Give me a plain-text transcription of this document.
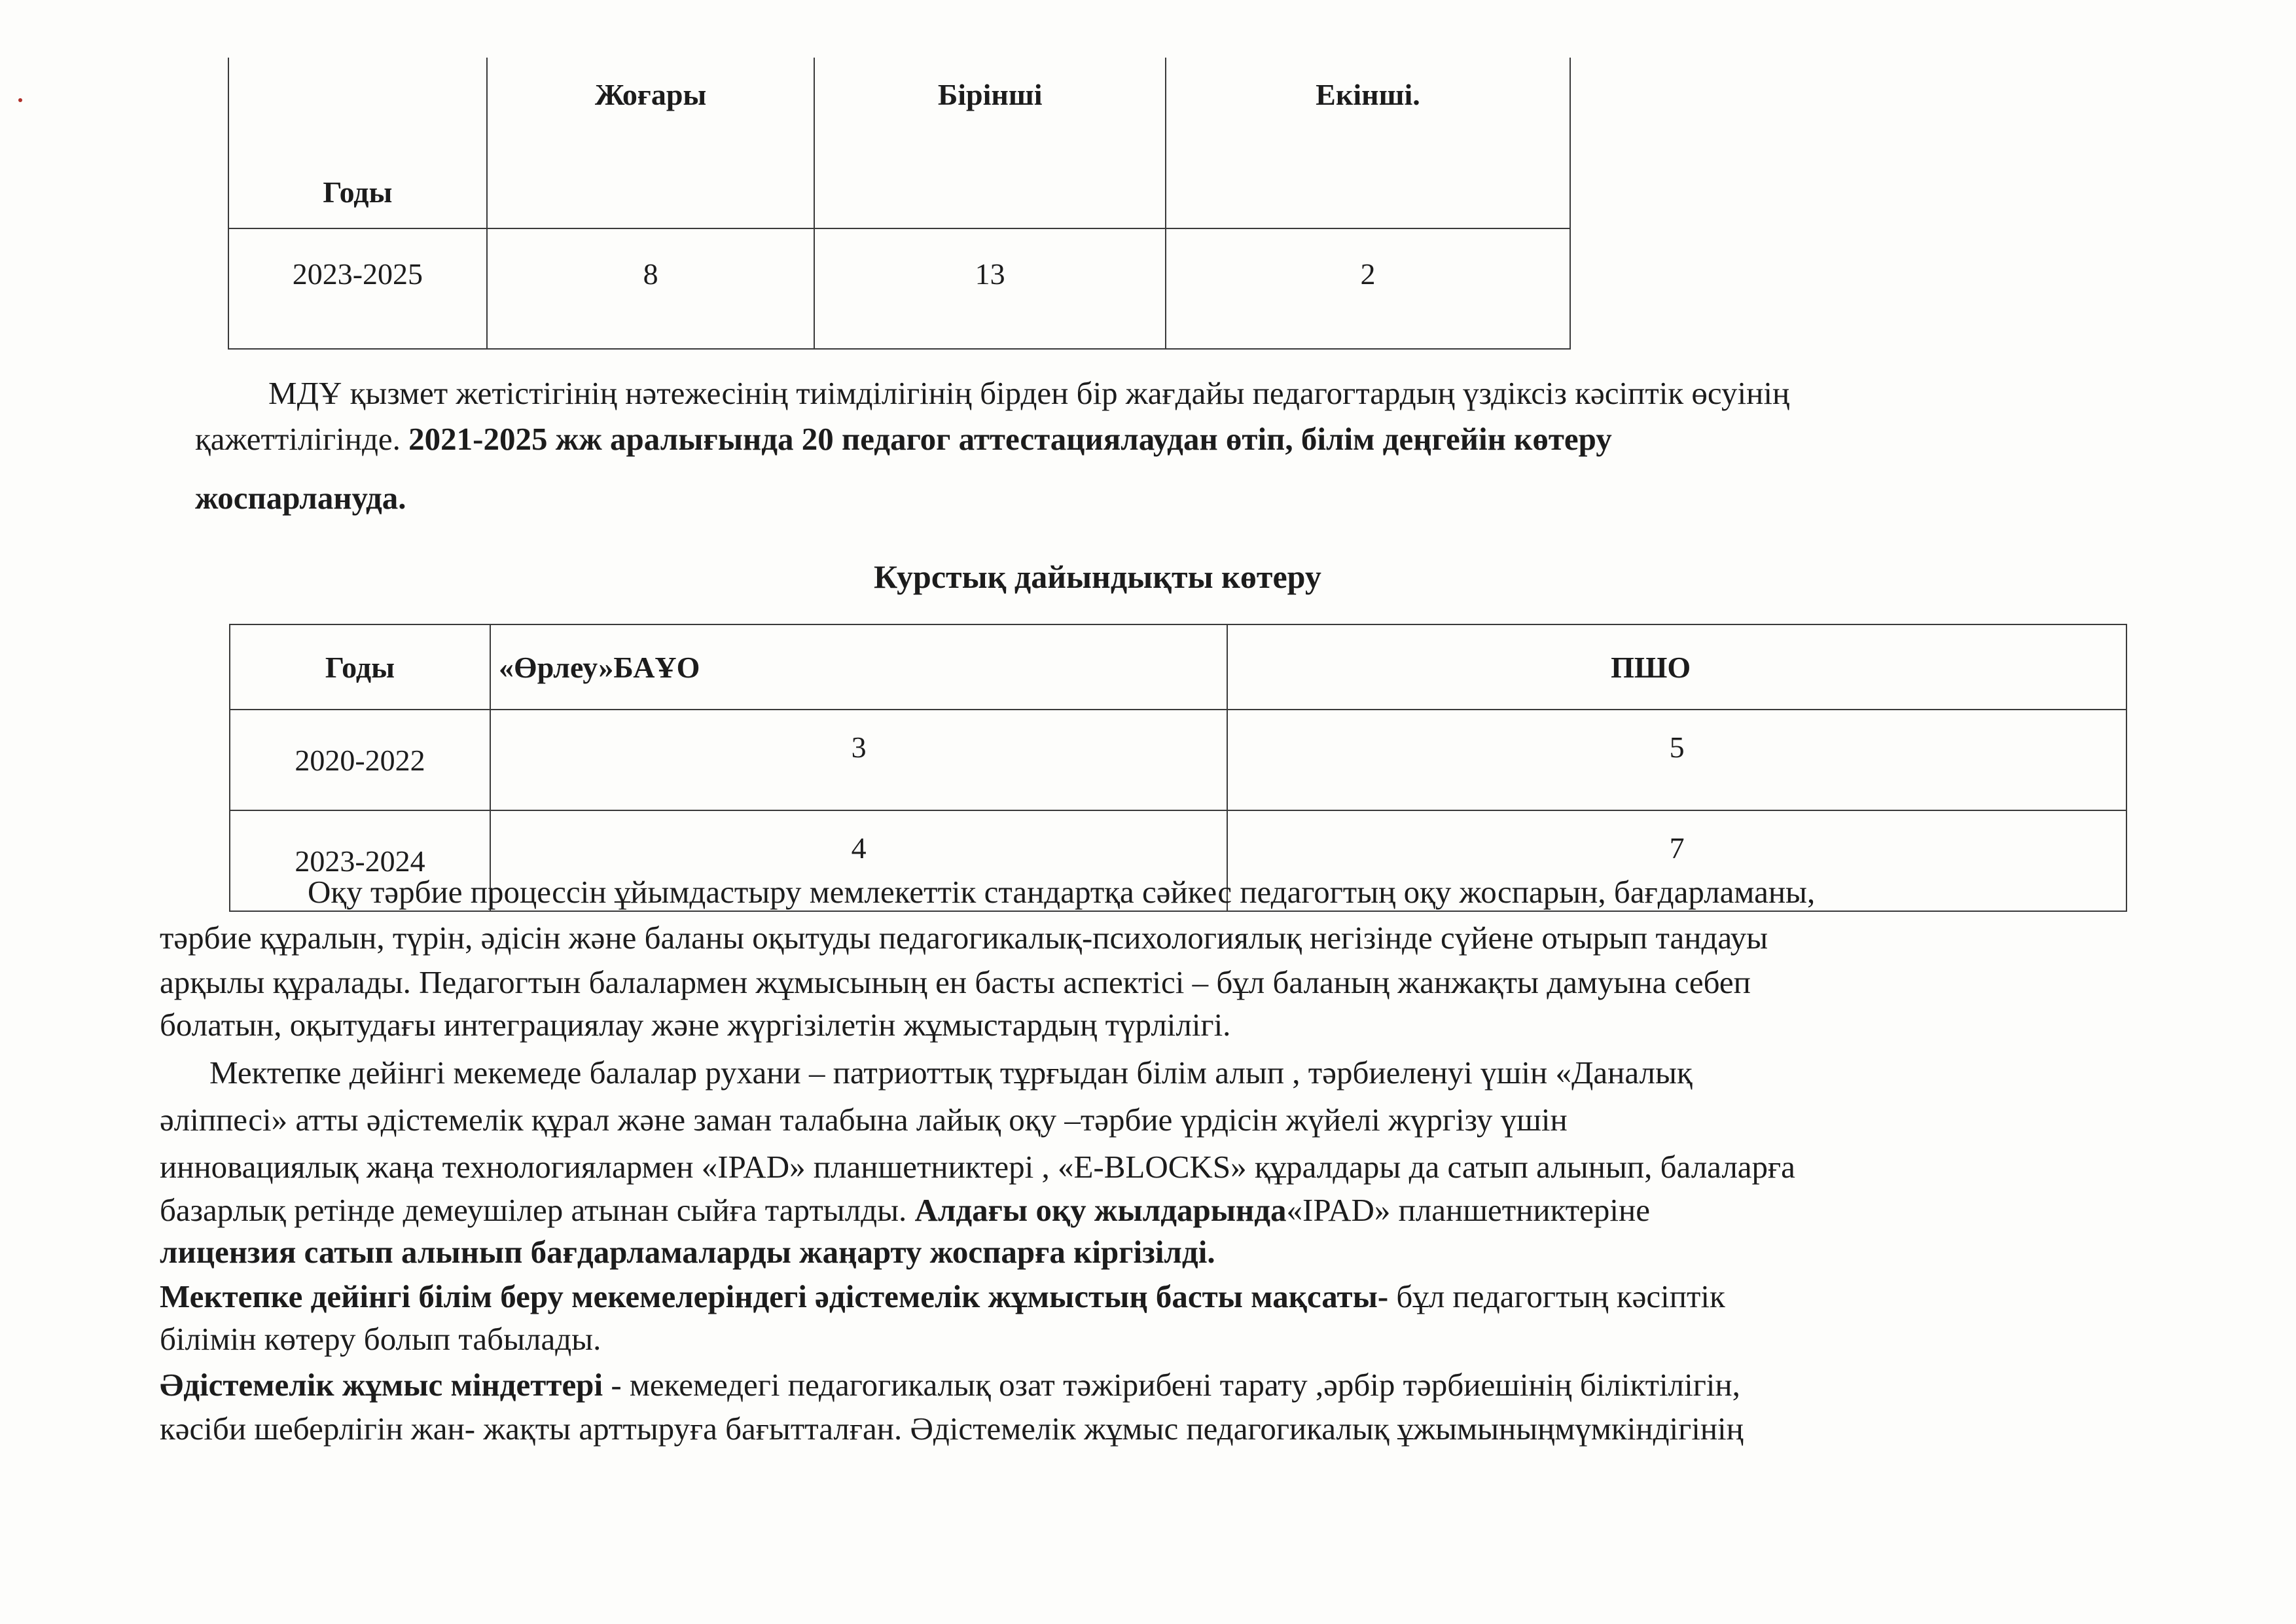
Годы	Жоғары	Бірінші	Екінші.
2023-2025	8	13	2
МДҰ қызмет жетістігінің нәтежесінің тиімділігінің бірден бір жағдайы педагогтардың үздіксіз кәсіптік өсуінің
қажеттілігінде. 2021-2025 жж аралығында 20 педагог аттестациялаудан өтіп, білім деңгейін көтеру
жоспарлануда.
Курстық дайындықты көтеру
Годы	«Өрлеу»БАҰО	ПШО
2020-2022	3	5
2023-2024	4	7
Оқу тәрбие процессін ұйымдастыру мемлекеттік стандартқа сәйкес педагогтың оқу жоспарын, бағдарламаны,
тәрбие құралын, түрін, әдісін және баланы оқытуды педагогикалық-психологиялық негізінде сүйене отырып тандауы
арқылы құралады. Педагогтын балалармен жұмысының ен басты аспектісі – бұл баланың жанжақты дамуына себеп
болатын, оқытудағы интеграциялау және жүргізілетін жұмыстардың түрлілігі.
Мектепке дейінгі мекемеде балалар рухани – патриоттық тұрғыдан білім алып , тәрбиеленуі үшін «Даналық
әліппесі» атты әдістемелік құрал және заман талабына лайық оқу –тәрбие үрдісін жүйелі жүргізу үшін
инновациялық жаңа технологиялармен «IPAD» планшетниктері , «E-BLOCKS» құралдары да сатып алынып, балаларға
базарлық ретінде демеушілер атынан сыйға тартылды. Алдағы оқу жылдарында«IPAD» планшетниктеріне
лицензия сатып алынып бағдарламаларды жаңарту жоспарға кіргізілді.
Мектепке дейінгі білім беру мекемелеріндегі әдістемелік жұмыстың басты мақсаты- бұл педагогтың кәсіптік
білімін көтеру болып табылады.
Әдістемелік жұмыс міндеттері - мекемедегі педагогикалық озат тәжірибені тарату ,әрбір тәрбиешінің біліктілігін,
кәсіби шеберлігін жан- жақты арттыруға бағытталған. Әдістемелік жұмыс педагогикалық ұжымыныңмүмкіндігінің
